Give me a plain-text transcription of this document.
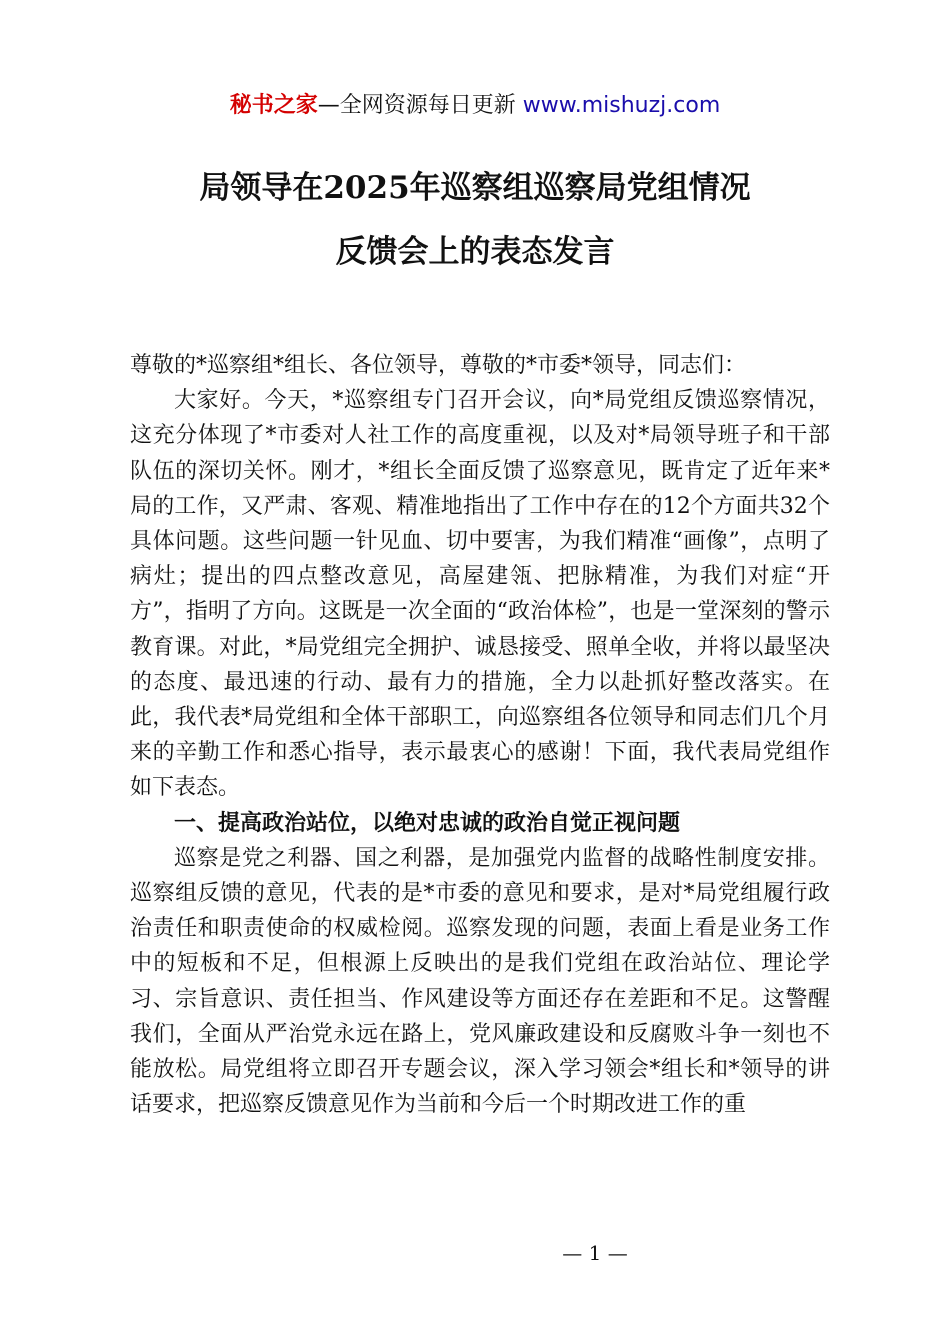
秘书之家—全网资源每日更新 www.mishuzj.com
局领导在2025年巡察组巡察局党组情况
反馈会上的表态发言

尊敬的*巡察组*组长、各位领导，尊敬的*市委*领导，同志们：

大家好。今天，*巡察组专门召开会议，向*局党组反馈巡察情况，这充分体现了*市委对人社工作的高度重视，以及对*局领导班子和干部队伍的深切关怀。刚才，*组长全面反馈了巡察意见，既肯定了近年来*局的工作，又严肃、客观、精准地指出了工作中存在的12个方面共32个具体问题。这些问题一针见血、切中要害，为我们精准“画像”，点明了病灶；提出的四点整改意见，高屋建瓴、把脉精准，为我们对症“开方”，指明了方向。这既是一次全面的“政治体检”，也是一堂深刻的警示教育课。对此，*局党组完全拥护、诚恳接受、照单全收，并将以最坚决的态度、最迅速的行动、最有力的措施，全力以赴抓好整改落实。在此，我代表*局党组和全体干部职工，向巡察组各位领导和同志们几个月来的辛勤工作和悉心指导，表示最衷心的感谢！下面，我代表局党组作如下表态。

一、提高政治站位，以绝对忠诚的政治自觉正视问题

巡察是党之利器、国之利器，是加强党内监督的战略性制度安排。巡察组反馈的意见，代表的是*市委的意见和要求，是对*局党组履行政治责任和职责使命的权威检阅。巡察发现的问题，表面上看是业务工作中的短板和不足，但根源上反映出的是我们党组在政治站位、理论学习、宗旨意识、责任担当、作风建设等方面还存在差距和不足。这警醒我们，全面从严治党永远在路上，党风廉政建设和反腐败斗争一刻也不能放松。局党组将立即召开专题会议，深入学习领会*组长和*领导的讲话要求，把巡察反馈意见作为当前和今后一个时期改进工作的重

— 1 —
